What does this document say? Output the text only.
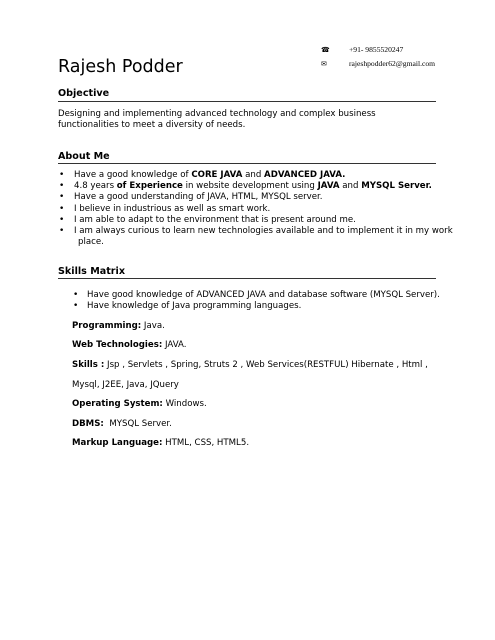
☎	+91- 9855520247
✉	rajeshpodder62@gmail.com
Rajesh Podder
Objective
Designing and implementing advanced technology and complex business functionalities to meet a diversity of needs.
About Me
• Have a good knowledge of CORE JAVA and ADVANCED JAVA.
• 4.8 years of Experience in website development using JAVA and MYSQL Server.
• Have a good understanding of JAVA, HTML, MYSQL server.
• I believe in industrious as well as smart work.
• I am able to adapt to the environment that is present around me.
• I am always curious to learn new technologies available and to implement it in my work
place.
Skills Matrix
• Have good knowledge of ADVANCED JAVA and database software (MYSQL Server).
• Have knowledge of Java programming languages.
Programming: Java.
Web Technologies: JAVA.
Skills : Jsp , Servlets , Spring, Struts 2 , Web Services(RESTFUL) Hibernate , Html ,
Mysql, J2EE, Java, JQuery
Operating System: Windows.
DBMS:  MYSQL Server.
Markup Language: HTML, CSS, HTML5.
